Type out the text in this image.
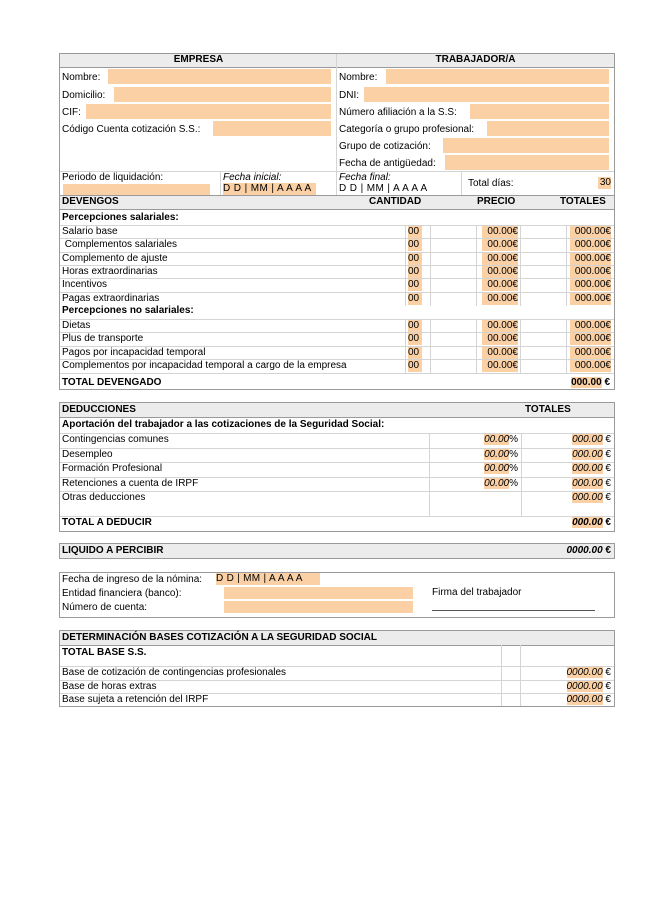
EMPRESA	TRABAJADOR/A
Nombre:
Domicilio:
CIF:
Código Cuenta cotización S.S.:
Nombre:
DNI:
Número afiliación a la S.S:
Categoría o grupo profesional:
Grupo de cotización:
Fecha de antigüedad:
Periodo de liquidación:	Fecha inicial:
D D | MM | A A A A
Fecha final:
D D | MM | A A A A	Total días:	30
DEVENGOS	CANTIDAD	PRECIO	TOTALES
Percepciones salariales:
Salario base	00	00.00€	000.00€
Complementos salariales	00	00.00€	000.00€
Complemento de ajuste	00	00.00€	000.00€
Horas extraordinarias	00	00.00€	000.00€
Incentivos	00	00.00€	000.00€
Pagas extraordinarias	00	00.00€	000.00€
Percepciones no salariales:
Dietas	00	00.00€	000.00€
Plus de transporte	00	00.00€	000.00€
Pagos por incapacidad temporal	00	00.00€	000.00€
Complementos por incapacidad temporal a cargo de la empresa	00	00.00€	000.00€
TOTAL DEVENGADO	000.00 €
DEDUCCIONES	TOTALES
Aportación del trabajador a las cotizaciones de la Seguridad Social:
Contingencias comunes	00.00%	000.00 €
Desempleo	00.00%	000.00 €
Formación Profesional	00.00%	000.00 €
Retenciones a cuenta de IRPF	00.00%	000.00 €
Otras deducciones	000.00 €
TOTAL A DEDUCIR	000.00 €
LIQUIDO A PERCIBIR	0000.00 €
Fecha de ingreso de la nómina: D D | MM | A A A A
Entidad financiera (banco):
Número de cuenta:
Firma del trabajador
DETERMINACIÓN BASES COTIZACIÓN A LA SEGURIDAD SOCIAL
TOTAL BASE S.S.
Base de cotización de contingencias profesionales	0000.00 €
Base de horas extras	0000.00 €
Base sujeta a retención del IRPF	0000.00 €
